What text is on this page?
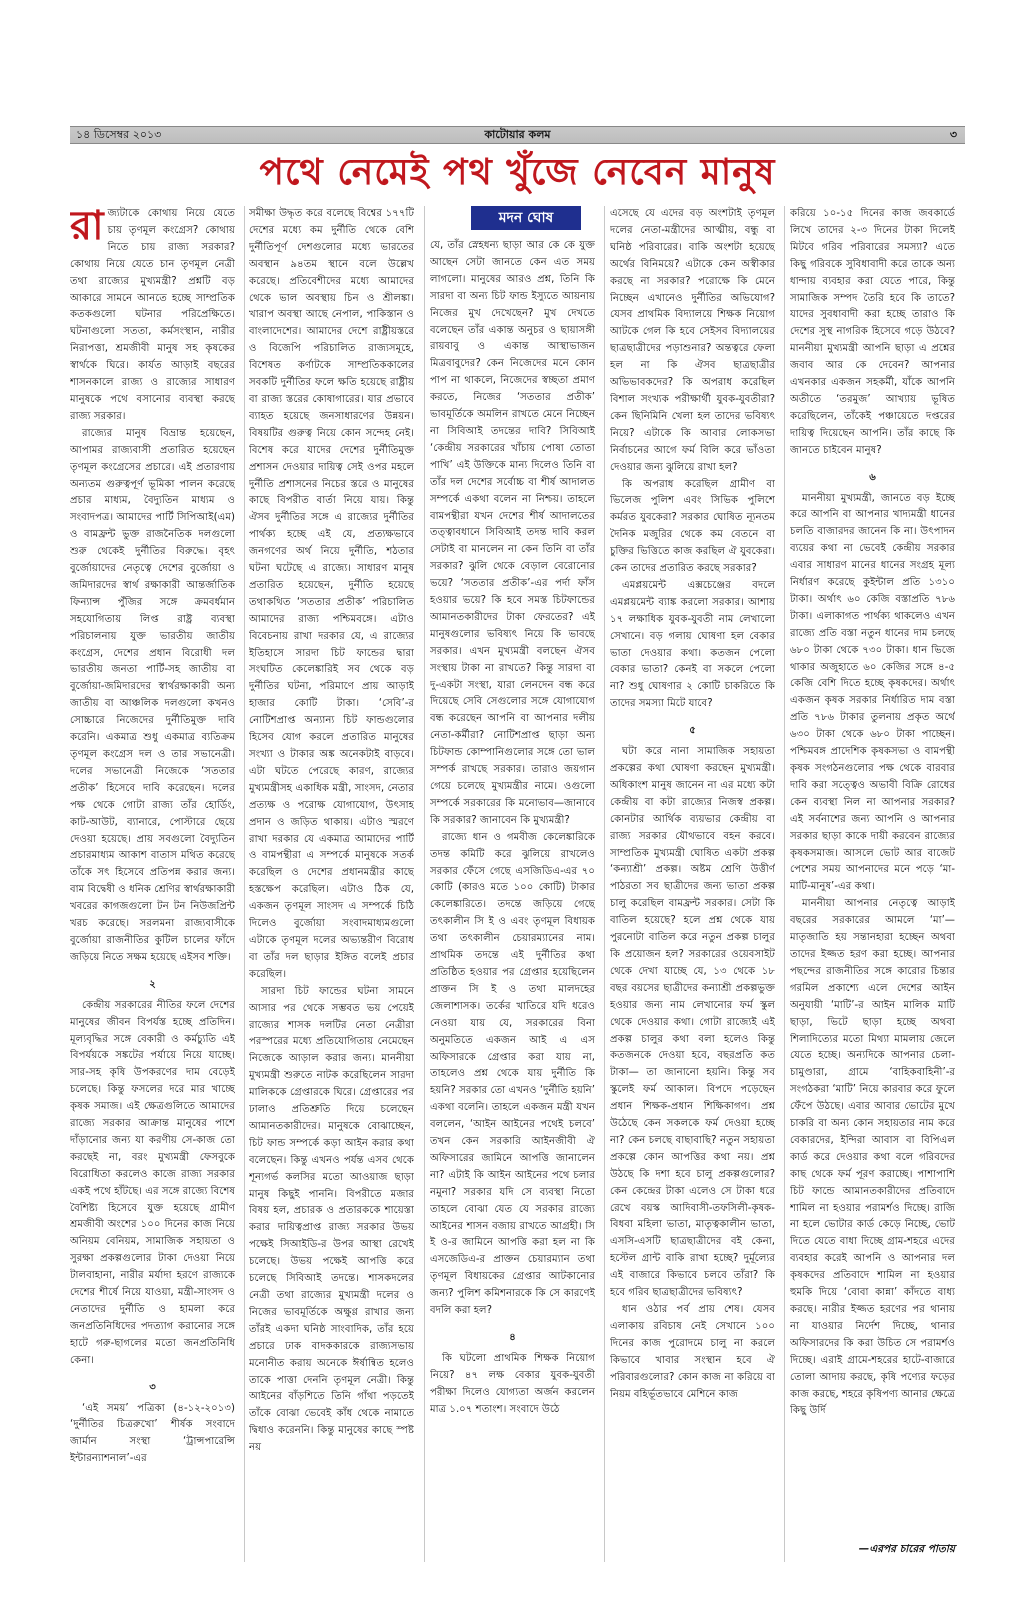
১৪ ডিসেম্বর ২০১৩	কাটোয়ার কলম	৩
পথে নেমেই পথ খুঁজে নেবেন মানুষ
মদন ঘোষ

রাজ্যটাকে কোথায় নিয়ে যেতে চায় তৃণমূল কংগ্রেস? কোথায় নিতে চায় রাজ্য সরকার? কোথায় নিয়ে যেতে চান তৃণমূল নেত্রী তথা রাজ্যের মুখ্যমন্ত্রী? প্রশ্নটি বড় আকারে সামনে আনতে হচ্ছে সাম্প্রতিক কতকগুলো ঘটনার পরিপ্রেক্ষিতে। ঘটনাগুলো সততা, কর্মসংস্থান, নারীর নিরাপত্তা, শ্রমজীবী মানুষ সহ কৃষকের স্বার্থকে ঘিরে। কার্যত আড়াই বছরের শাসনকালে রাজ্য ও রাজ্যের সাধারণ মানুষকে পথে বসানোর ব্যবস্থা করছে রাজ্য সরকার।

রাজ্যের মানুষ বিভ্রান্ত হয়েছেন, আপামর রাজ্যবাসী প্রতারিত হয়েছেন তৃণমূল কংগ্রেসের প্রচারে। এই প্রতারণায় অন্যতম গুরুত্বপূর্ণ ভূমিকা পালন করেছে প্রচার মাধ্যম, বৈদ্যুতিন মাধ্যম ও সংবাদপত্র। আমাদের পার্টি সিপিআই(এম) ও বামফ্রন্ট ভুক্ত রাজনৈতিক দলগুলো শুরু থেকেই দুর্নীতির বিরুদ্ধে। বৃহৎ বুর্জোয়াদের নেতৃত্বে দেশের বুর্জোয়া ও জমিদারদের স্বার্থ রক্ষাকারী আন্তর্জাতিক ফিন্যান্স পুঁজির সঙ্গে ক্রমবর্ধমান সহযোগিতায় লিপ্ত রাষ্ট্র ব্যবস্থা পরিচালনায় যুক্ত ভারতীয় জাতীয় কংগ্রেস, দেশের প্রধান বিরোধী দল ভারতীয় জনতা পার্টি-সহ জাতীয় বা বুর্জোয়া-জমিদারদের স্বার্থরক্ষাকারী অন্য জাতীয় বা আঞ্চলিক দলগুলো কখনও সোচ্চারে নিজেদের দুর্নীতিমুক্ত দাবি করেনি। একমাত্র শুধু একমাত্র ব্যতিক্রম তৃণমূল কংগ্রেস দল ও তার সভানেত্রী। দলের সভানেত্রী নিজেকে ‘সততার প্রতীক’ হিসেবে দাবি করেছেন। দলের পক্ষ থেকে গোটা রাজ্য তাঁর হোর্ডিং, কাট-আউট, ব্যানারে, পোস্টারে ছেয়ে দেওয়া হয়েছে। প্রায় সবগুলো বৈদ্যুতিন প্রচারমাধ্যম আকাশ বাতাস মথিত করেছে তাঁকে সৎ হিসেবে প্রতিপন্ন করার জন্য। বাম বিদ্বেষী ও ধনিক শ্রেণির স্বার্থরক্ষাকারী খবরের কাগজগুলো টন টন নিউজপ্রিন্ট খরচ করেছে। সরলমনা রাজ্যবাসীকে বুর্জোয়া রাজনীতির কুটিল চালের ফাঁদে জড়িয়ে নিতে সক্ষম হয়েছে এইসব শক্তি।

২

কেন্দ্রীয় সরকারের নীতির ফলে দেশের মানুষের জীবন বিপর্যস্ত হচ্ছে প্রতিদিন। মূল্যবৃদ্ধির সঙ্গে বেকারী ও কর্মচ্যুতি এই বিপর্যয়কে সঙ্কটের পর্যায়ে নিয়ে যাচ্ছে। সার-সহ কৃষি উপকরণের দাম বেড়েই চলেছে। কিন্তু ফসলের দরে মার খাচ্ছে কৃষক সমাজ। এই ক্ষেত্রগুলিতে আমাদের রাজ্যে সরকার আক্রান্ত মানুষের পাশে দাঁড়ানোর জন্য যা করণীয় সে-কাজ তো করছেই না, বরং মুখ্যমন্ত্রী ফেসবুকে বিরোধিতা করলেও কাজে রাজ্য সরকার একই পথে হাঁটছে। এর সঙ্গে রাজ্যে বিশেষ বৈশিষ্ট্য হিসেবে যুক্ত হয়েছে গ্রামীণ শ্রমজীবী অংশের ১০০ দিনের কাজ নিয়ে অনিয়ম বেনিয়ম, সামাজিক সহায়তা ও সুরক্ষা প্রকল্পগুলোর টাকা দেওয়া নিয়ে টালবাহানা, নারীর মর্যাদা হরণে রাজ্যকে দেশের শীর্ষে নিয়ে যাওয়া, মন্ত্রী-সাংসদ ও নেতাদের দুর্নীতি ও হামলা করে জনপ্রতিনিধিদের পদত্যাগ করানোর সঙ্গে হাটে গরু-ছাগলের মতো জনপ্রতিনিধি কেনা।

৩

‘এই সময়’ পত্রিকা (৪-১২-২০১৩) ‘দুর্নীতির চিত্ররুখো’ শীর্ষক সংবাদে জার্মান সংস্থা ‘ট্রান্সপারেন্সি ইন্টারন্যাশনাল’-এর

সমীক্ষা উদ্ধৃত করে বলেছে বিশ্বের ১৭৭টি দেশের মধ্যে কম দুর্নীতি থেকে বেশি দুর্নীতিপূর্ণ দেশগুলোর মধ্যে ভারতের অবস্থান ৯৪তম স্থানে বলে উল্লেখ করেছে। প্রতিবেশীদের মধ্যে আমাদের থেকে ভাল অবস্থায় চিন ও শ্রীলঙ্কা। খারাপ অবস্থা আছে নেপাল, পাকিস্তান ও বাংলাদেশের। আমাদের দেশে রাষ্ট্রীয়স্তরে ও বিজেপি পরিচালিত রাজ্যসমূহে, বিশেষত কর্ণাটকে সাম্প্রতিককালের সবকটি দুর্নীতির ফলে ক্ষতি হয়েছে রাষ্ট্রীয় বা রাজ্য স্তরের কোষাগারের। যার প্রভাবে ব্যাহত হয়েছে জনসাধারণের উন্নয়ন। বিষয়টির গুরুত্ব নিয়ে কোন সন্দেহ নেই। বিশেষ করে যাদের দেশের দুর্নীতিমুক্ত প্রশাসন দেওয়ার দায়িত্ব সেই ওপর মহলে দুর্নীতি প্রশাসনের নিচের স্তরে ও মানুষের কাছে বিপরীত বার্তা নিয়ে যায়। কিন্তু ঐসব দুর্নীতির সঙ্গে এ রাজ্যের দুর্নীতির পার্থক্য হচ্ছে এই যে, প্রত্যক্ষভাবে জনগণের অর্থ নিয়ে দুর্নীতি, শঠতার ঘটনা ঘটেছে এ রাজ্যে। সাধারণ মানুষ প্রতারিত হয়েছেন, দুর্নীতি হয়েছে তথাকথিত ‘সততার প্রতীক’ পরিচালিত আমাদের রাজ্য পশ্চিমবঙ্গে। এটাও বিবেচনায় রাখা দরকার যে, এ রাজ্যের ইতিহাসে সারদা চিট ফান্ডের দ্বারা সংঘটিত কেলেঙ্কারিই সব থেকে বড় দুর্নীতির ঘটনা, পরিমাণে প্রায় আড়াই হাজার কোটি টাকা। ‘সেবি’-র নোটিশপ্রাপ্ত অন্যান্য চিট ফান্ডগুলোর হিসেব যোগ করলে প্রতারিত মানুষের সংখ্যা ও টাকার অঙ্ক অনেকটাই বাড়বে। এটা ঘটতে পেরেছে কারণ, রাজ্যের মুখ্যমন্ত্রীসহ একাধিক মন্ত্রী, সাংসদ, নেতার প্রত্যক্ষ ও পরোক্ষ যোগাযোগ, উৎসাহ প্রদান ও জড়িত থাকায়। এটাও স্মরণে রাখা দরকার যে একমাত্র আমাদের পার্টি ও বামপন্থীরা এ সম্পর্কে মানুষকে সতর্ক করেছিল ও দেশের প্রধানমন্ত্রীর কাছে হস্তক্ষেপ করেছিল। এটাও ঠিক যে, একজন তৃণমূল সাংসদ এ সম্পর্কে চিঠি দিলেও বুর্জোয়া সংবাদমাধ্যমগুলো এটাকে তৃণমূল দলের অভ্যন্তরীণ বিরোধ বা তাঁর দল ছাড়ার ইঙ্গিত বলেই প্রচার করেছিল।

সারদা চিট ফান্ডের ঘটনা সামনে আসার পর থেকে সম্ভবত ভয় পেয়েই রাজ্যের শাসক দলটির নেতা নেত্রীরা পরস্পরের মধ্যে প্রতিযোগিতায় নেমেছেন নিজেকে আড়াল করার জন্য। মাননীয়া মুখ্যমন্ত্রী শুরুতে নাটক করেছিলেন সারদা মালিককে গ্রেপ্তারকে ঘিরে। গ্রেপ্তারের পর ঢালাও প্রতিশ্রুতি দিয়ে চলেছেন আমানতকারীদের। মানুষকে বোঝাচ্ছেন, চিট ফান্ড সম্পর্কে কড়া আইন করার কথা বলেছেন। কিন্তু এখনও পর্যন্ত এসব থেকে শূন্যগর্ভ কলসির মতো আওয়াজ ছাড়া মানুষ কিছুই পাননি। বিপরীতে মজার বিষয় হল, প্রচারক ও প্রতারককে শায়েস্তা করার দায়িত্বপ্রাপ্ত রাজ্য সরকার উভয় পক্ষেই সিআইডি-র উপর আস্থা রেখেই চলেছে। উভয় পক্ষেই আপত্তি করে চলেছে সিবিআই তদন্তে। শাসকদলের নেত্রী তথা রাজ্যের মুখ্যমন্ত্রী দলের ও নিজের ভাবমূর্তিকে অক্ষুণ্ণ রাখার জন্য তাঁরই একদা ঘনিষ্ঠ সাংবাদিক, তাঁর হয়ে প্রচারে ঢাক বাদককারকে রাজ্যসভায় মনোনীত করায় অনেকে ঈর্ষান্বিত হলেও তাকে পাত্তা দেননি তৃণমূল নেত্রী। কিন্তু আইনের বাঁড়শিতে তিনি গাঁথা পড়তেই তাঁকে বোঝা ভেবেই কাঁধ থেকে নামাতে দ্বিধাও করেননি। কিন্তু মানুষের কাছে স্পষ্ট নয়

যে, তাঁর স্নেহধন্য ছাড়া আর কে কে যুক্ত আছেন সেটা জানতে কেন এত সময় লাগলো। মানুষের আরও প্রশ্ন, তিনি কি সারদা বা অন্য চিট ফান্ড ইস্যুতে আয়নায় নিজের মুখ দেখেছেন? মুখ দেখতে বলেছেন তাঁর একান্ত অনুচর ও ছায়াসঙ্গী রায়বাবু ও একান্ত আস্থাভাজন মিত্রবাবুদের? কেন নিজেদের মনে কোন পাপ না থাকলে, নিজেদের স্বচ্ছতা প্রমাণ করতে, নিজের ‘সততার প্রতীক’ ভাবমূর্তিকে অমলিন রাখতে মেনে নিচ্ছেন না সিবিআই তদন্তের দাবি? সিবিআই ‘কেন্দ্রীয় সরকারের খাঁচায় পোষা তোতা পাখি’ এই উক্তিকে মান্য দিলেও তিনি বা তাঁর দল দেশের সর্বোচ্চ বা শীর্ষ আদালত সম্পর্কে একথা বলেন না নিশ্চয়। তাহলে বামপন্থীরা যখন দেশের শীর্ষ আদালতের তত্ত্বাবধানে সিবিআই তদন্ত দাবি করল সেটাই বা মানলেন না কেন তিনি বা তাঁর সরকার? ঝুলি থেকে বেড়াল বেরোনোর ভয়ে? ‘সততার প্রতীক’-এর পর্দা ফাঁস হওয়ার ভয়ে? কি হবে সমস্ত চিটফান্ডের আমানতকারীদের টাকা ফেরতের? এই মানুষগুলোর ভবিষ্যৎ নিয়ে কি ভাবছে সরকার। এখন মুখ্যমন্ত্রী বলছেন ঐসব সংস্থায় টাকা না রাখতে? কিন্তু সারদা বা দু-একটা সংস্থা, যারা লেনদেন বন্ধ করে দিয়েছে সেবি সেগুলোর সঙ্গে যোগাযোগ বন্ধ করেছেন আপনি বা আপনার দলীয় নেতা-কর্মীরা? নোটিশপ্রাপ্ত ছাড়া অন্য চিটফান্ড কোম্পানিগুলোর সঙ্গে তো ভাল সম্পর্ক রাখছে সরকার। তারাও জয়গান গেয়ে চলেছে মুখ্যমন্ত্রীর নামে। ওগুলো সম্পর্কে সরকারের কি মনোভাব—জানাবে কি সরকার? জানাবেন কি মুখ্যমন্ত্রী?

রাজ্যে ধান ও গমবীজ কেলেঙ্কারিকে তদন্ত কমিটি করে ঝুলিয়ে রাখলেও সরকার ফেঁসে গেছে এসজিডিএ-এর ৭০ কোটি (কারও মতে ১০০ কোটি) টাকার কেলেঙ্কারিতে। তদন্তে জড়িয়ে গেছে তৎকালীন সি ই ও এবং তৃণমূল বিধায়ক তথা তৎকালীন চেয়ারম্যানের নাম। প্রাথমিক তদন্তে এই দুর্নীতির কথা প্রতিষ্ঠিত হওয়ার পর গ্রেপ্তার হয়েছিলেন প্রাক্তন সি ই ও তথা মালদহের জেলাশাসক। তর্কের খাতিরে যদি ধরেও নেওয়া যায় যে, সরকারের বিনা অনুমতিতে একজন আই এ এস অফিসারকে গ্রেপ্তার করা যায় না, তাহলেও প্রশ্ন থেকে যায় দুর্নীতি কি হয়নি? সরকার তো এখনও ‘দুর্নীতি হয়নি’ একথা বলেনি। তাহলে একজন মন্ত্রী যখন বললেন, ‘আইন আইনের পথেই চলবে’ তখন কেন সরকারি আইনজীবী ঐ অফিসারের জামিনে আপত্তি জানালেন না? এটাই কি আইন আইনের পথে চলার নমুনা? সরকার যদি সে ব্যবস্থা নিতো তাহলে বোঝা যেত যে সরকার রাজ্যে আইনের শাসন বজায় রাখতে আগ্রহী। সি ই ও-র জামিনে আপত্তি করা হল না কি এসজেডিএ-র প্রাক্তন চেয়ারম্যান তথা তৃণমূল বিধায়কের গ্রেপ্তার আটকানোর জন্য? পুলিশ কমিশনারকে কি সে কারণেই বদলি করা হল?

৪

কি ঘটলো প্রাথমিক শিক্ষক নিয়োগ নিয়ে? ৪৭ লক্ষ বেকার যুবক-যুবতী পরীক্ষা দিলেও যোগ্যতা অর্জন করলেন মাত্র ১.০৭ শতাংশ। সংবাদে উঠে

এসেছে যে এদের বড় অংশটাই তৃণমূল দলের নেতা-মন্ত্রীদের আত্মীয়, বন্ধু বা ঘনিষ্ঠ পরিবারের। বাকি অংশটা হয়েছে অর্থের বিনিময়ে? এটাকে কেন অস্বীকার করছে না সরকার? পরোক্ষে কি মেনে নিচ্ছেন এখানেও দুর্নীতির অভিযোগ? যেসব প্রাথমিক বিদ্যালয়ে শিক্ষক নিয়োগ আটকে গেল কি হবে সেইসব বিদ্যালয়ের ছাত্রছাত্রীদের পড়াশুনার? অন্তত্বরে ফেলা হল না কি ঐসব ছাত্রছাত্রীর অভিভাবকদের? কি অপরাধ করেছিল বিশাল সংখ্যক পরীক্ষার্থী যুবক-যুবতীরা? কেন ছিনিমিনি খেলা হল তাদের ভবিষ্যৎ নিয়ে? এটাকে কি আবার লোকসভা নির্বাচনের আগে ফর্ম বিলি করে ভাঁওতা দেওয়ার জন্য ঝুলিয়ে রাখা হল?

কি অপরাধ করেছিল গ্রামীণ বা ভিলেজ পুলিশ এবং সিভিক পুলিশে কর্মরত যুবকেরা? সরকার ঘোষিত ন্যূনতম দৈনিক মজুরির থেকে কম বেতনে বা চুক্তির ভিত্তিতে কাজ করছিল ঐ যুবকেরা। কেন তাদের প্রতারিত করছে সরকার?

এমপ্লয়মেন্ট এক্সচেঞ্জের বদলে এমপ্লয়মেন্ট ব্যাঙ্ক করলো সরকার। আশায় ১৭ লক্ষাধিক যুবক-যুবতী নাম লেখালো সেখানে। বড় গলায় ঘোষণা হল বেকার ভাতা দেওয়ার কথা। কতজন পেলো বেকার ভাতা? কেনই বা সকলে পেলো না? শুধু ঘোষণার ২ কোটি চাকরিতে কি তাদের সমস্যা মিটে যাবে?

৫

ঘটা করে নানা সামাজিক সহায়তা প্রকল্পের কথা ঘোষণা করছেন মুখ্যমন্ত্রী। অধিকাংশ মানুষ জানেন না এর মধ্যে কটা কেন্দ্রীয় বা কটা রাজ্যের নিজস্ব প্রকল্প। কোনটার আর্থিক ব্যয়ভার কেন্দ্রীয় বা রাজ্য সরকার যৌথভাবে বহন করবে। সাম্প্রতিক মুখ্যমন্ত্রী ঘোষিত একটা প্রকল্প ‘কন্যাশ্রী’ প্রকল্প। অষ্টম শ্রেণি উত্তীর্ণ পাঠরতা সব ছাত্রীদের জন্য ভাতা প্রকল্প চালু করেছিল বামফ্রন্ট সরকার। সেটা কি বাতিল হয়েছে? হলে প্রশ্ন থেকে যায় পুরনোটা বাতিল করে নতুন প্রকল্প চালুর কি প্রয়োজন হল? সরকারের ওয়েবসাইট থেকে দেখা যাচ্ছে যে, ১৩ থেকে ১৮ বছর বয়সের ছাত্রীদের কন্যাশ্রী প্রকল্পভুক্ত হওয়ার জন্য নাম লেখানোর ফর্ম স্কুল থেকে দেওয়ার কথা। গোটা রাজ্যেই এই প্রকল্প চালুর কথা বলা হলেও কিন্তু কতজনকে দেওয়া হবে, বছরপ্রতি কত টাকা— তা জানানো হয়নি। কিন্তু সব স্কুলেই ফর্ম আকাল। বিপদে পড়েছেন প্রধান শিক্ষক-প্রধান শিক্ষিকাগণ। প্রশ্ন উঠেছে কেন সকলকে ফর্ম দেওয়া হচ্ছে না? কেন চলছে বাছাবাছি? নতুন সহায়তা প্রকল্পে কোন আপত্তির কথা নয়। প্রশ্ন উঠছে কি দশা হবে চালু প্রকল্পগুলোর? কেন কেন্দ্রের টাকা এলেও সে টাকা ধরে রেখে বয়স্ক আদিবাসী-তফসিলী-কৃষক-বিধবা মহিলা ভাতা, মাতৃত্বকালীন ভাতা, এসসি-এসটি ছাত্রছাত্রীদের বই কেনা, হস্টেল গ্রান্ট বাকি রাখা হচ্ছে? দুর্মূল্যের এই বাজারে কিভাবে চলবে তাঁরা? কি হবে গরিব ছাত্রছাত্রীদের ভবিষ্যৎ?

ধান ওঠার পর্ব প্রায় শেষ। যেসব এলাকায় রবিচাষ নেই সেখানে ১০০ দিনের কাজ পুরোদমে চালু না করলে কিভাবে খাবার সংস্থান হবে ঐ পরিবারগুলোর? কোন কাজ না করিয়ে বা নিয়ম বহির্ভূতভাবে মেশিনে কাজ

করিয়ে ১০-১৫ দিনের কাজ জবকার্ডে লিখে তাদের ২-৩ দিনের টাকা দিলেই মিটবে গরিব পরিবারের সমস্যা? এতে কিছু গরিবকে সুবিধাবাদী করে তাকে অন্য ধান্দায় ব্যবহার করা যেতে পারে, কিন্তু সামাজিক সম্পদ তৈরি হবে কি তাতে? যাদের সুবধাবাদী করা হচ্ছে তারাও কি দেশের সুস্থ নাগরিক হিসেবে গড়ে উঠবে? মাননীয়া মুখ্যমন্ত্রী আপনি ছাড়া এ প্রশ্নের জবাব আর কে দেবেন? আপনার এখনকার একজন সহকর্মী, যাঁকে আপনি অতীতে ‘তরমুজ’ আখ্যায় ভূষিত করেছিলেন, তাঁকেই পঞ্চায়েতে দপ্তরের দায়িত্ব দিয়েছেন আপনি। তাঁর কাছে কি জানতে চাইবেন মানুষ?

৬

মাননীয়া মুখ্যমন্ত্রী, জানতে বড় ইচ্ছে করে আপনি বা আপনার খাদ্যমন্ত্রী ধানের চলতি বাজারদর জানেন কি না। উৎপাদন ব্যয়ের কথা না ভেবেই কেন্দ্রীয় সরকার এবার সাধারণ মানের ধানের সংগ্রহ মূল্য নির্ধারণ করেছে কুইন্টাল প্রতি ১৩১০ টাকা। অর্থাৎ ৬০ কেজি বস্তাপ্রতি ৭৮৬ টাকা। এলাকাগত পার্থক্য থাকলেও এখন রাজ্যে প্রতি বস্তা নতুন ধানের দাম চলছে ৬৮০ টাকা থেকে ৭৩০ টাকা। ধান ভিজে থাকার অজুহাতে ৬০ কেজির সঙ্গে ৪-৫ কেজি বেশি দিতে হচ্ছে কৃষকদের। অর্থাৎ একজন কৃষক সরকার নির্ধারিত দাম বস্তা প্রতি ৭৮৬ টাকার তুলনায় প্রকৃত অর্থে ৬৩০ টাকা থেকে ৬৮০ টাকা পাচ্ছেন। পশ্চিমবঙ্গ প্রাদেশিক কৃষকসভা ও বামপন্থী কৃষক সংগঠনগুলোর পক্ষ থেকে বারবার দাবি করা সত্ত্বেও অভাবী বিক্রি রোধের কেন ব্যবস্থা নিল না আপনার সরকার? এই সর্বনাশের জন্য আপনি ও আপনার সরকার ছাড়া কাকে দায়ী করবেন রাজ্যের কৃষকসমাজ। আসলে ভোট আর বাজেট পেশের সময় আপনাদের মনে পড়ে ‘মা-মাটি-মানুষ’-এর কথা।

মাননীয়া আপনার নেতৃত্বে আড়াই বছরের সরকারের আমলে ‘মা’—মাতৃজাতি হয় সন্তানহারা হচ্ছেন অথবা তাদের ইজ্জত হরণ করা হচ্ছে। আপনার পছন্দের রাজনীতির সঙ্গে কারোর চিন্তার গরমিল প্রকাশ্যে এলে দেশের আইন অনুযায়ী ‘মাটি’-র আইন মালিক মাটি ছাড়া, ভিটে ছাড়া হচ্ছে অথবা শিলাদিত্যের মতো মিথ্যা মামলায় জেলে যেতে হচ্ছে। অন্যদিকে আপনার চেলা-চামুণ্ডারা, গ্রামে ‘বাহিকবাহিনী’-র সংগঠকরা ‘মাটি’ নিয়ে কারবার করে ফুলে ফেঁপে উঠছে। এবার আবার ভোটের মুখে চাকরি বা অন্য কোন সহায়তার নাম করে বেকারদের, ইন্দিরা আবাস বা বিপিএল কার্ড করে দেওয়ার কথা বলে গরিবদের কাছ থেকে ফর্ম পূরণ করাচ্ছে। পাশাপাশি চিট ফান্ডে আমানতকারীদের প্রতিবাদে শামিল না হওয়ার পরামর্শও দিচ্ছে। রাজি না হলে ভোটার কার্ড কেড়ে নিচ্ছে, ভোট দিতে যেতে বাধা দিচ্ছে গ্রাম-শহরে এদের ব্যবহার করেই আপনি ও আপনার দল কৃষকদের প্রতিবাদে শামিল না হওয়ার হুমকি দিয়ে ‘বোবা কান্না’ কাঁদতে বাধ্য করছে। নারীর ইজ্জত হরণের পর থানায় না যাওয়ার নির্দেশ দিচ্ছে, থানার অফিসারদের কি করা উচিত সে পরামর্শও দিচ্ছে। এরাই গ্রামে-শহরের হাটে-বাজারে তোলা আদায় করছে, কৃষি পণ্যের ফড়ের কাজ করছে, শহরে কৃষিপণ্য আনার ক্ষেত্রে কিছু উর্দি

—এরপর চারের পাতায়
